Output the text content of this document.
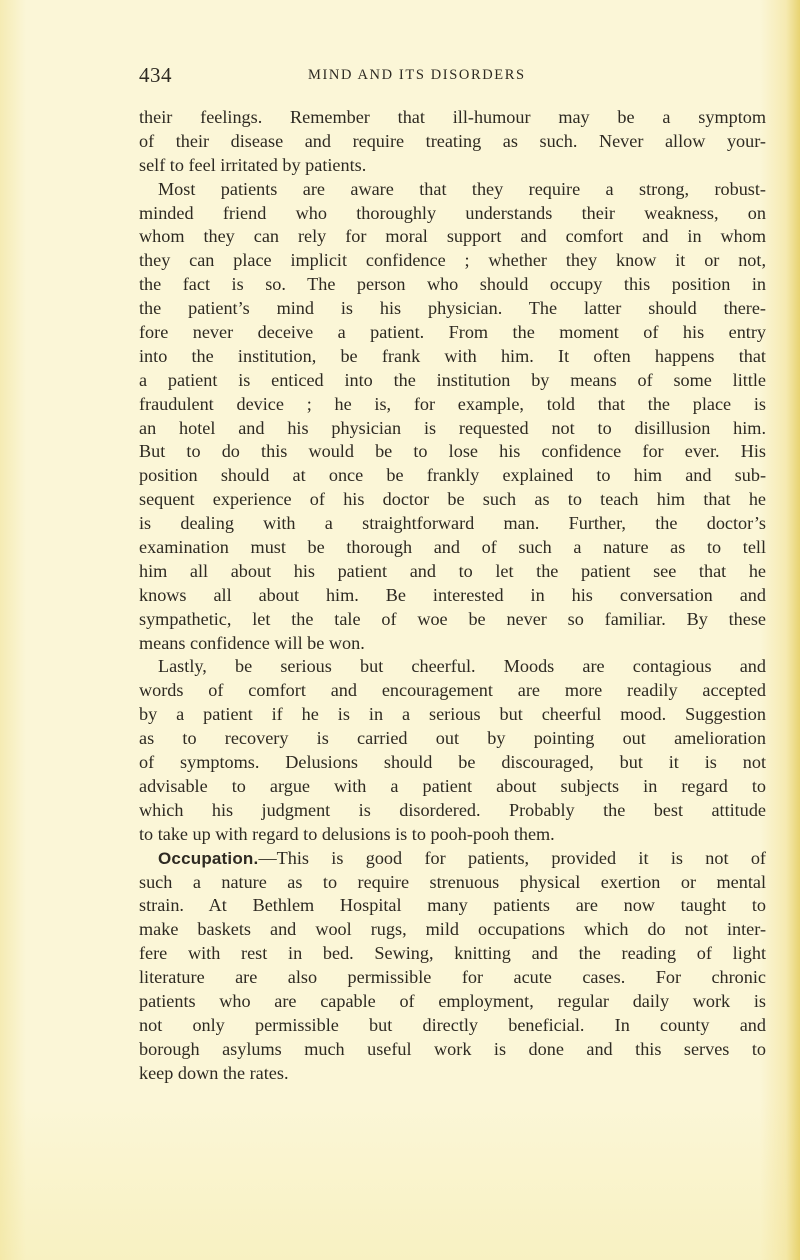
434	MIND AND ITS DISORDERS
their feelings. Remember that ill-humour may be a symptom
of their disease and require treating as such. Never allow your-
self to feel irritated by patients.
Most patients are aware that they require a strong, robust-
minded friend who thoroughly understands their weakness, on
whom they can rely for moral support and comfort and in whom
they can place implicit confidence ; whether they know it or not,
the fact is so. The person who should occupy this position in
the patient’s mind is his physician. The latter should there-
fore never deceive a patient. From the moment of his entry
into the institution, be frank with him. It often happens that
a patient is enticed into the institution by means of some little
fraudulent device ; he is, for example, told that the place is
an hotel and his physician is requested not to disillusion him.
But to do this would be to lose his confidence for ever. His
position should at once be frankly explained to him and sub-
sequent experience of his doctor be such as to teach him that he
is dealing with a straightforward man. Further, the doctor’s
examination must be thorough and of such a nature as to tell
him all about his patient and to let the patient see that he
knows all about him. Be interested in his conversation and
sympathetic, let the tale of woe be never so familiar. By these
means confidence will be won.
Lastly, be serious but cheerful. Moods are contagious and
words of comfort and encouragement are more readily accepted
by a patient if he is in a serious but cheerful mood. Suggestion
as to recovery is carried out by pointing out amelioration
of symptoms. Delusions should be discouraged, but it is not
advisable to argue with a patient about subjects in regard to
which his judgment is disordered. Probably the best attitude
to take up with regard to delusions is to pooh-pooh them.
Occupation.—This is good for patients, provided it is not of
such a nature as to require strenuous physical exertion or mental
strain. At Bethlem Hospital many patients are now taught to
make baskets and wool rugs, mild occupations which do not inter-
fere with rest in bed. Sewing, knitting and the reading of light
literature are also permissible for acute cases. For chronic
patients who are capable of employment, regular daily work is
not only permissible but directly beneficial. In county and
borough asylums much useful work is done and this serves to
keep down the rates.
